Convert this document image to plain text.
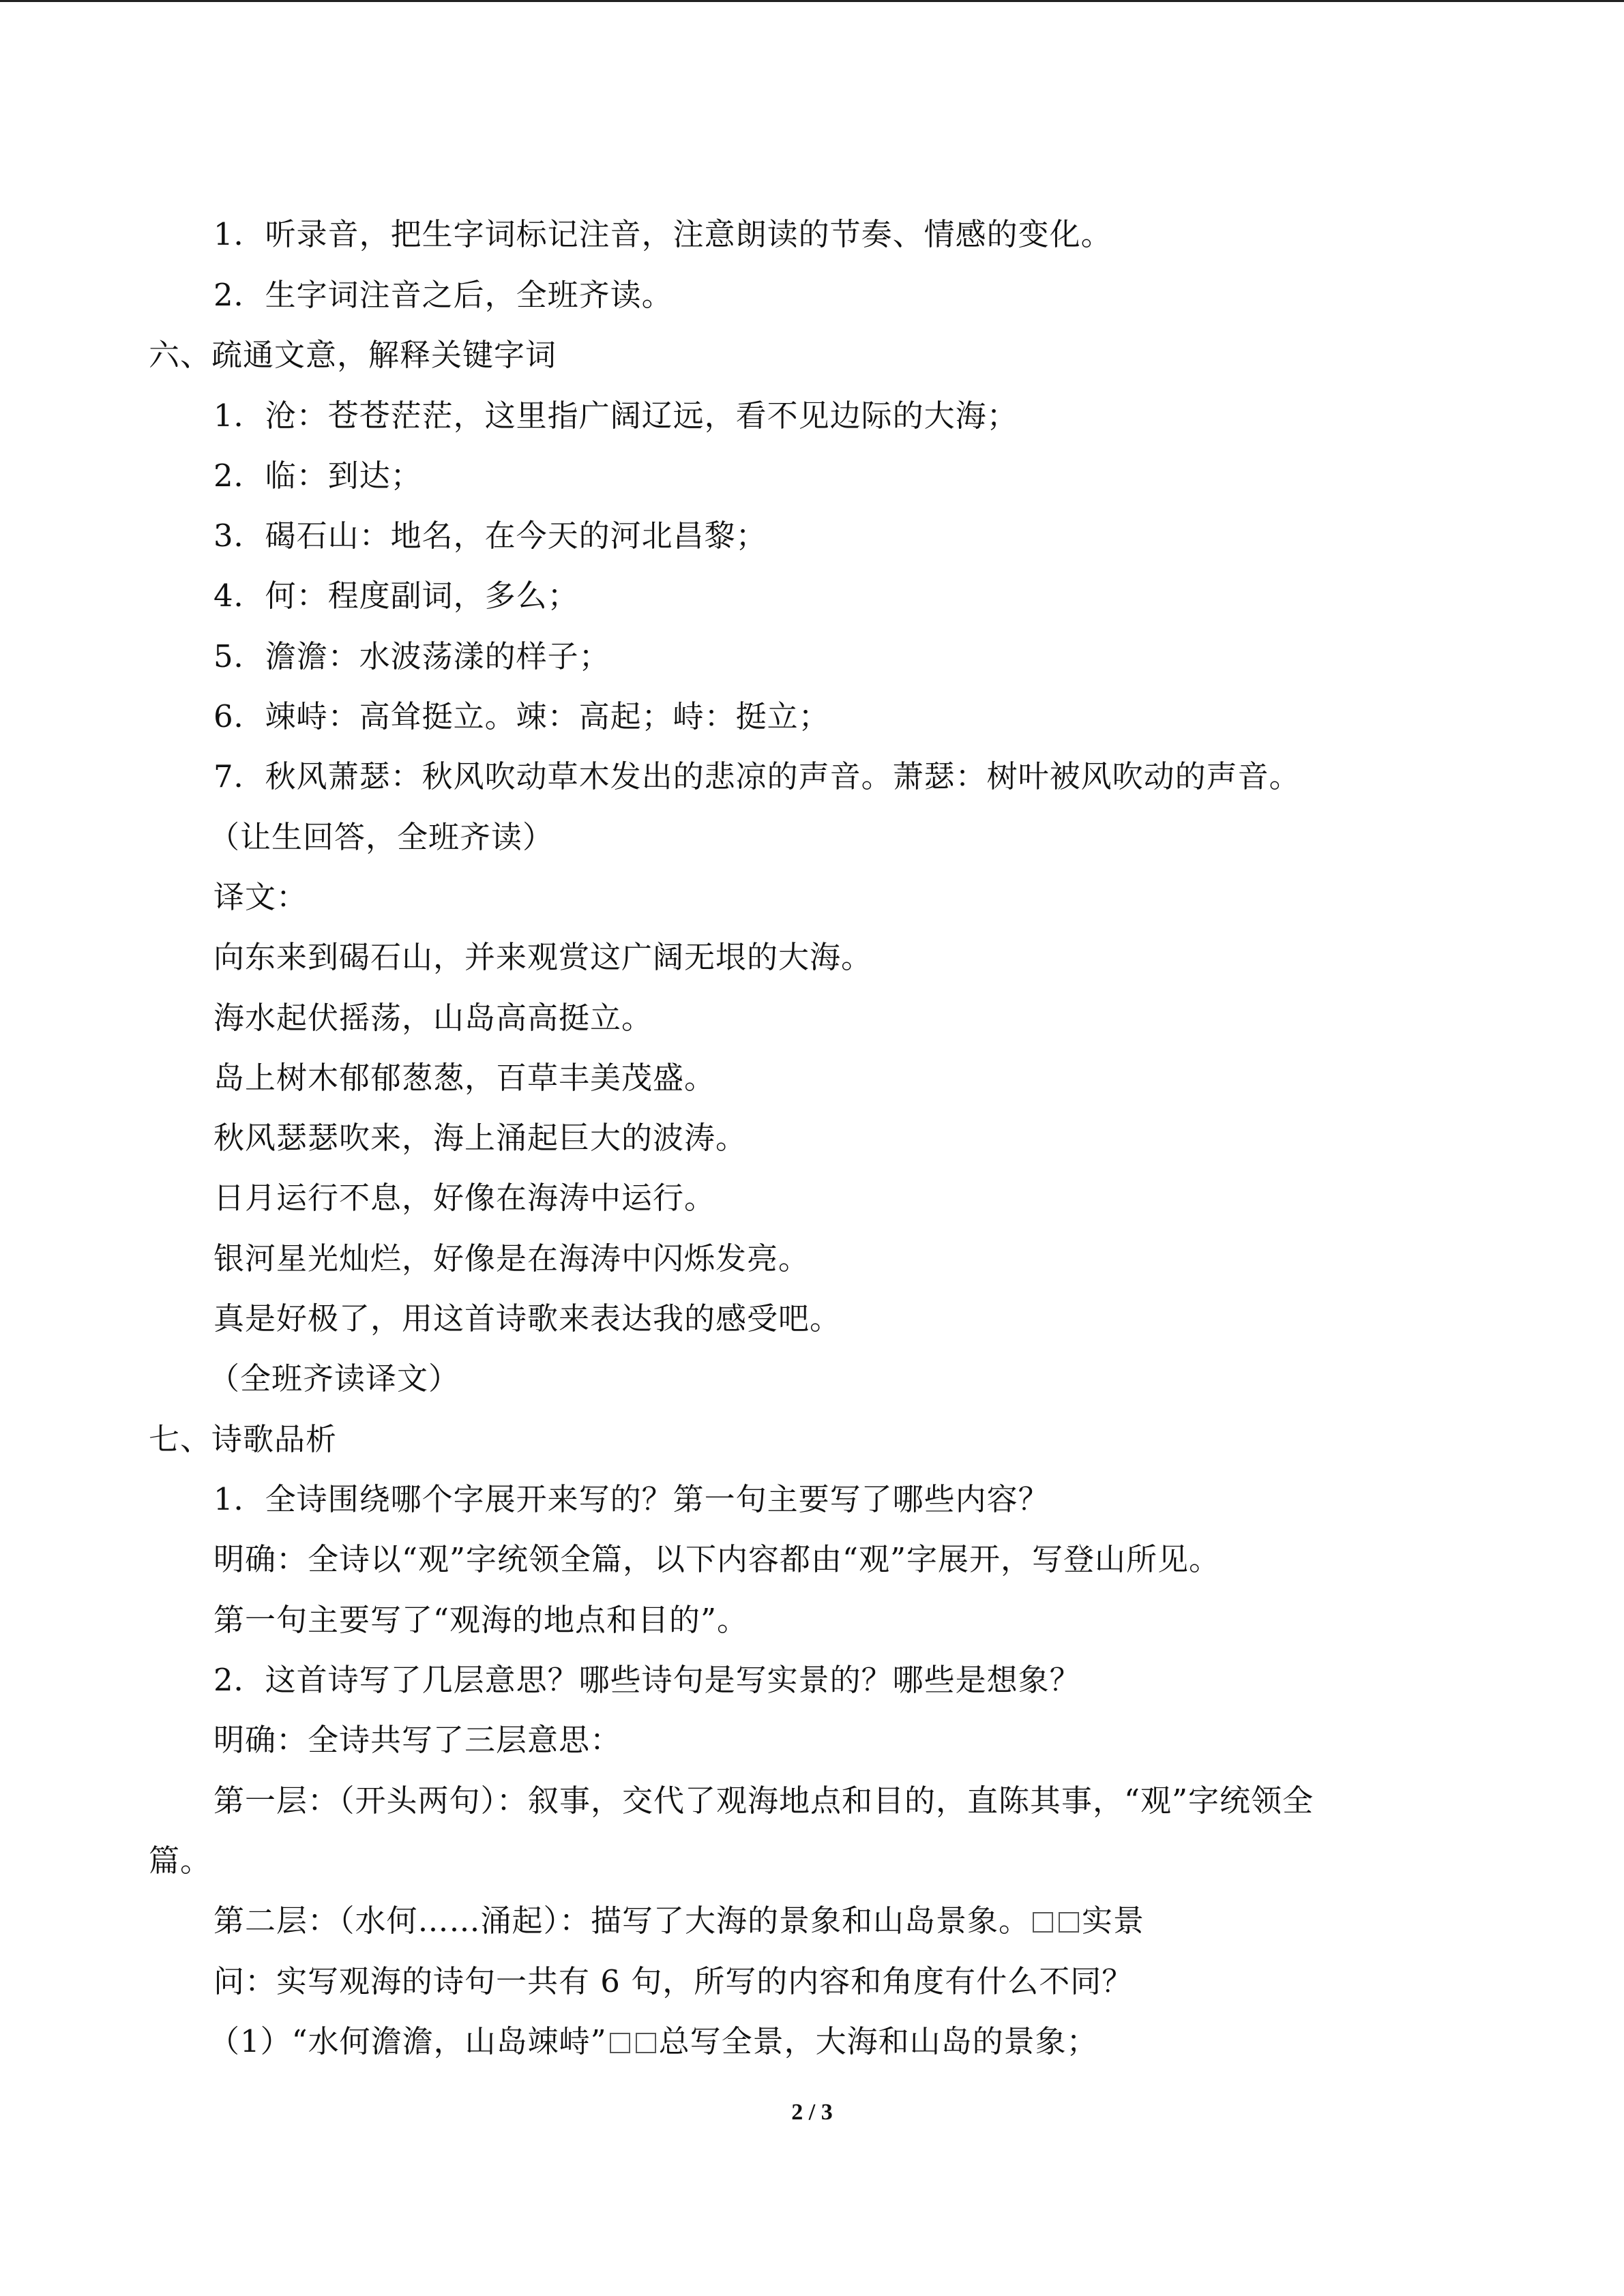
1．听录音，把生字词标记注音，注意朗读的节奏、情感的变化。
2．生字词注音之后，全班齐读。
六、疏通文意，解释关键字词
1．沧：苍苍茫茫，这里指广阔辽远，看不见边际的大海；
2．临：到达；
3．碣石山：地名，在今天的河北昌黎；
4．何：程度副词，多么；
5．澹澹：水波荡漾的样子；
6．竦峙：高耸挺立。竦：高起；峙：挺立；
7．秋风萧瑟：秋风吹动草木发出的悲凉的声音。萧瑟：树叶被风吹动的声音。
（让生回答，全班齐读）
译文：
向东来到碣石山，并来观赏这广阔无垠的大海。
海水起伏摇荡，山岛高高挺立。
岛上树木郁郁葱葱，百草丰美茂盛。
秋风瑟瑟吹来，海上涌起巨大的波涛。
日月运行不息，好像在海涛中运行。
银河星光灿烂，好像是在海涛中闪烁发亮。
真是好极了，用这首诗歌来表达我的感受吧。
（全班齐读译文）
七、诗歌品析
1．全诗围绕哪个字展开来写的？第一句主要写了哪些内容？
明确：全诗以“观”字统领全篇，以下内容都由“观”字展开，写登山所见。
第一句主要写了“观海的地点和目的”。
2．这首诗写了几层意思？哪些诗句是写实景的？哪些是想象？
明确：全诗共写了三层意思：
第一层：（开头两句）：叙事，交代了观海地点和目的，直陈其事，“观”字统领全
篇。
第二层：（水何……涌起）：描写了大海的景象和山岛景象。 实景
问：实写观海的诗句一共有 6 句，所写的内容和角度有什么不同？
（1）“水何澹澹，山岛竦峙” 总写全景，大海和山岛的景象；
2 / 3
